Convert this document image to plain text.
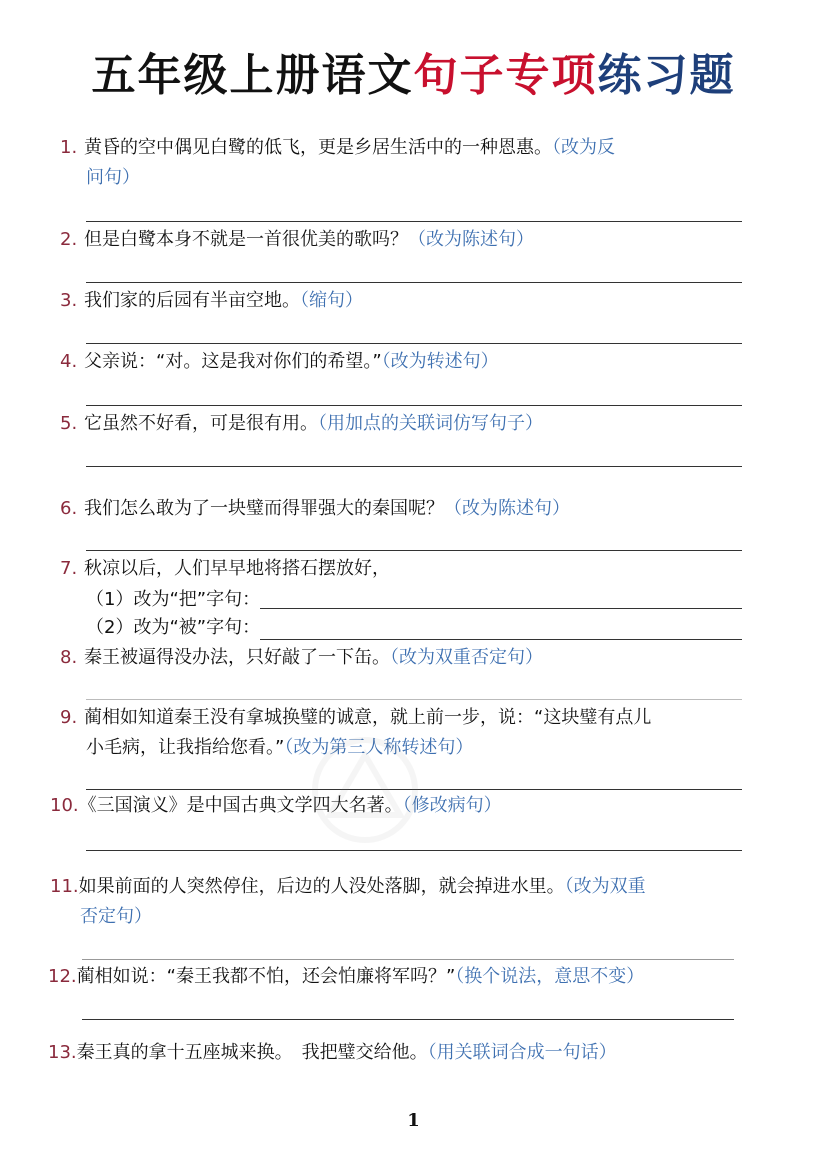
五年级上册语文句子专项练习题
1. 黄昏的空中偶见白鹭的低飞，更是乡居生活中的一种恩惠。（改为反
问句）
2. 但是白鹭本身不就是一首很优美的歌吗？（改为陈述句）
3. 我们家的后园有半亩空地。（缩句）
4. 父亲说：“对。这是我对你们的希望。”（改为转述句）
5. 它虽然不好看，可是很有用。（用加点的关联词仿写句子）
6. 我们怎么敢为了一块璧而得罪强大的秦国呢？（改为陈述句）
7. 秋凉以后，人们早早地将搭石摆放好，
（1）改为“把”字句：
（2）改为“被”字句：
8. 秦王被逼得没办法，只好敲了一下缶。（改为双重否定句）
9. 蔺相如知道秦王没有拿城换璧的诚意，就上前一步，说：“这块璧有点儿
小毛病，让我指给您看。”（改为第三人称转述句）
10.《三国演义》是中国古典文学四大名著。（修改病句）
11.如果前面的人突然停住，后边的人没处落脚，就会掉进水里。（改为双重
否定句）
12.蔺相如说：“秦王我都不怕，还会怕廉将军吗？”（换个说法，意思不变）
13.秦王真的拿十五座城来换。　我把璧交给他。（用关联词合成一句话）
1
